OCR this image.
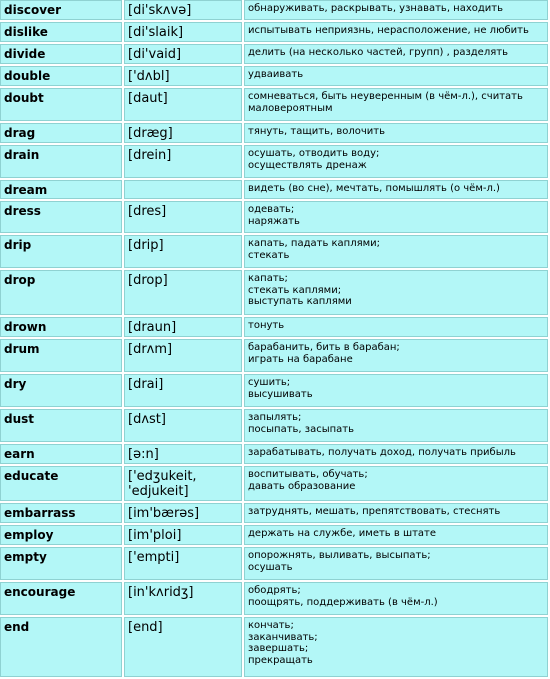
discover	[di'skʌvə]	обнаруживать, раскрывать, узнавать, находить

dislike	[di'slaik]	испытывать неприязнь, нерасположение, не любить

divide	[di'vaid]	делить (на несколько частей, групп) , разделять

double	['dʌbl]	удваивать

doubt	[daut]	сомневаться, быть неуверенным (в чём-л.), считать
маловероятным

drag	[dræg]	тянуть, тащить, волочить

drain	[drein]	осушать, отводить воду;
осуществлять дренаж

dream		видеть (во сне), мечтать, помышлять (о чём-л.)

dress	[dres]	одевать;
наряжать

drip	[drip]	капать, падать каплями;
стекать

drop	[drop]	капать;
стекать каплями;
выступать каплями

drown	[draun]	тонуть

drum	[drʌm]	барабанить, бить в барабан;
играть на барабане

dry	[drai]	сушить;
высушивать

dust	[dʌst]	запылять;
посыпать, засыпать

earn	[ə:n]	зарабатывать, получать доход, получать прибыль

educate	['edʒukeit,
'edjukeit]	воспитывать, обучать;
давать образование

embarrass	[im'bærəs]	затруднять, мешать, препятствовать, стеснять

employ	[im'ploi]	держать на службе, иметь в штате

empty	['empti]	опорожнять, выливать, высыпать;
осушать

encourage	[in'kʌridʒ]	ободрять;
поощрять, поддерживать (в чём-л.)

end	[end]	кончать;
заканчивать;
завершать;
прекращать
